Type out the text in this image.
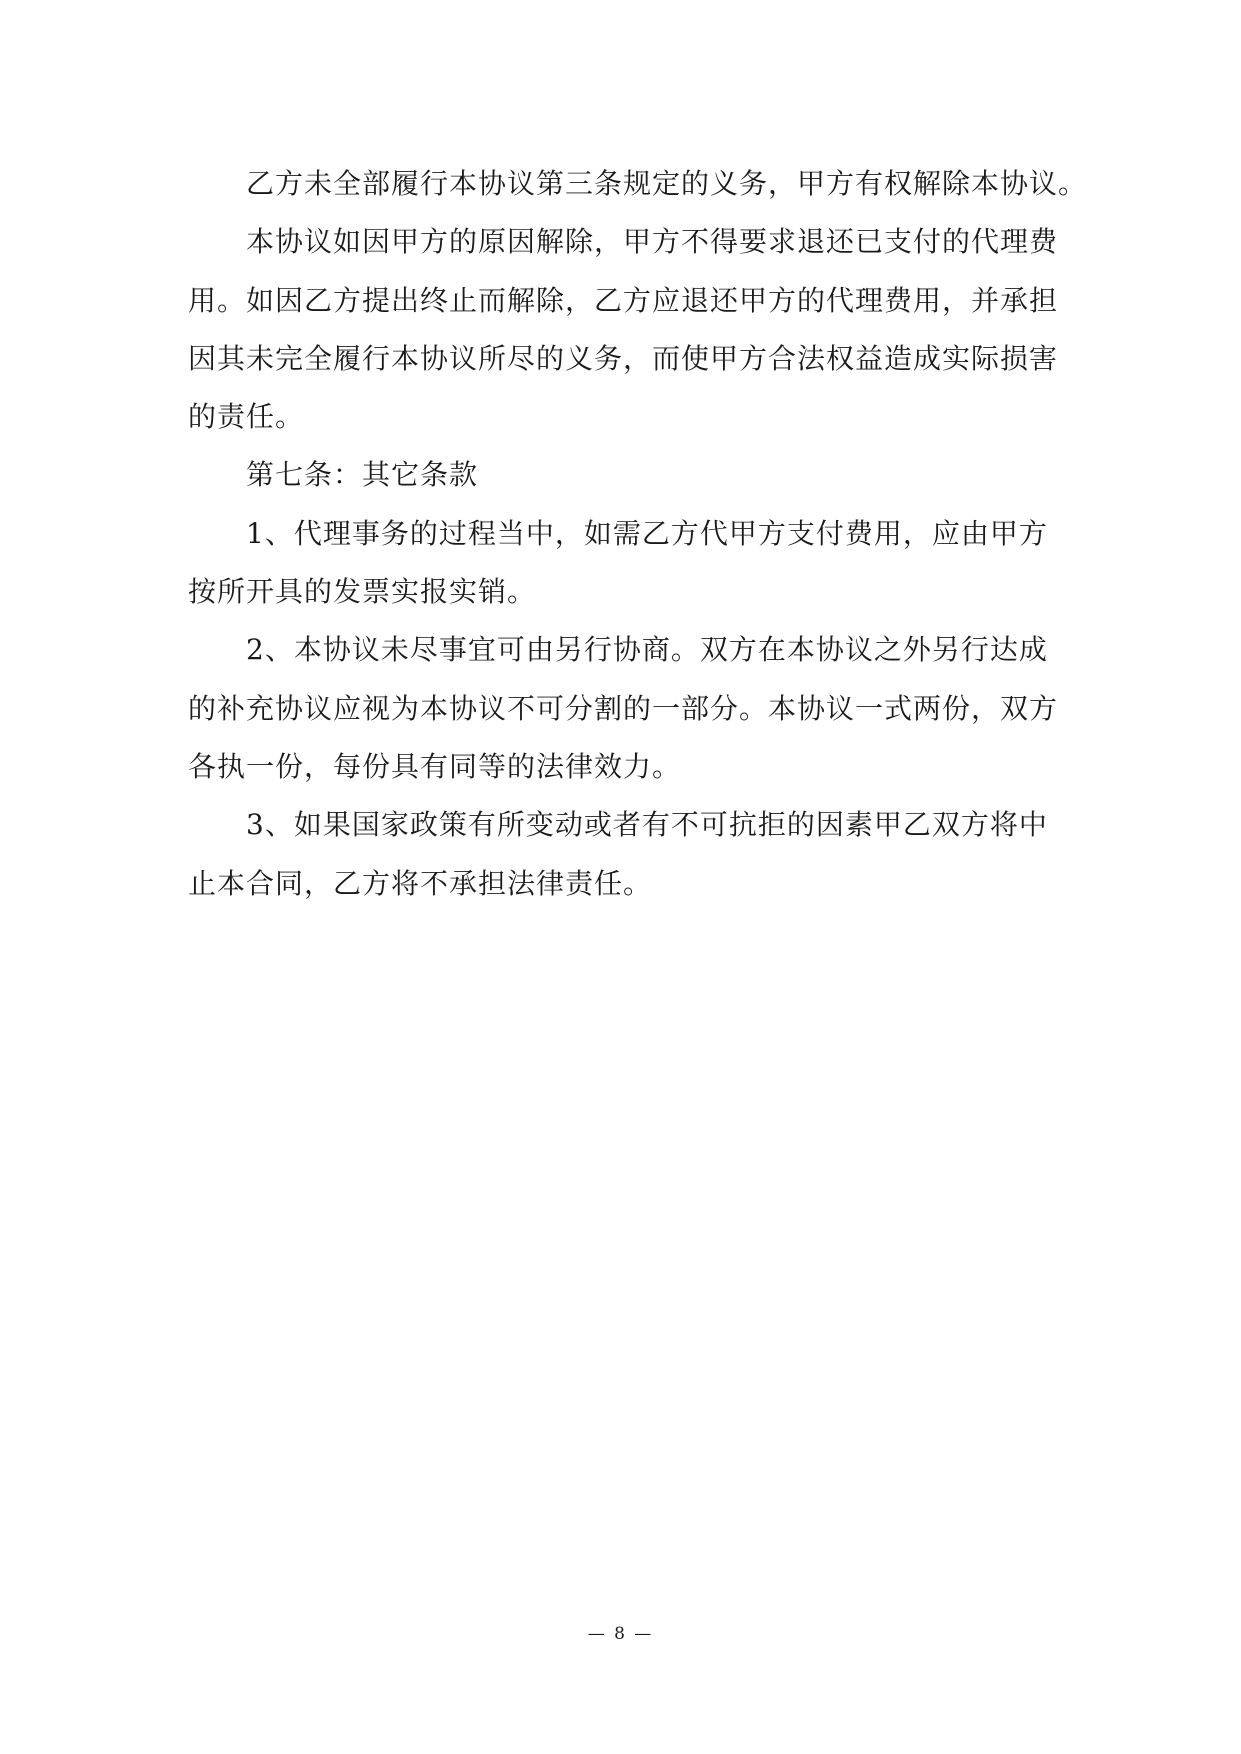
乙方未全部履行本协议第三条规定的义务，甲方有权解除本协议。
本协议如因甲方的原因解除，甲方不得要求退还已支付的代理费
用。如因乙方提出终止而解除，乙方应退还甲方的代理费用，并承担
因其未完全履行本协议所尽的义务，而使甲方合法权益造成实际损害
的责任。
第七条：其它条款
1、代理事务的过程当中，如需乙方代甲方支付费用，应由甲方
按所开具的发票实报实销。
2、本协议未尽事宜可由另行协商。双方在本协议之外另行达成
的补充协议应视为本协议不可分割的一部分。本协议一式两份，双方
各执一份，每份具有同等的法律效力。
3、如果国家政策有所变动或者有不可抗拒的因素甲乙双方将中
止本合同，乙方将不承担法律责任。
— 8 —
